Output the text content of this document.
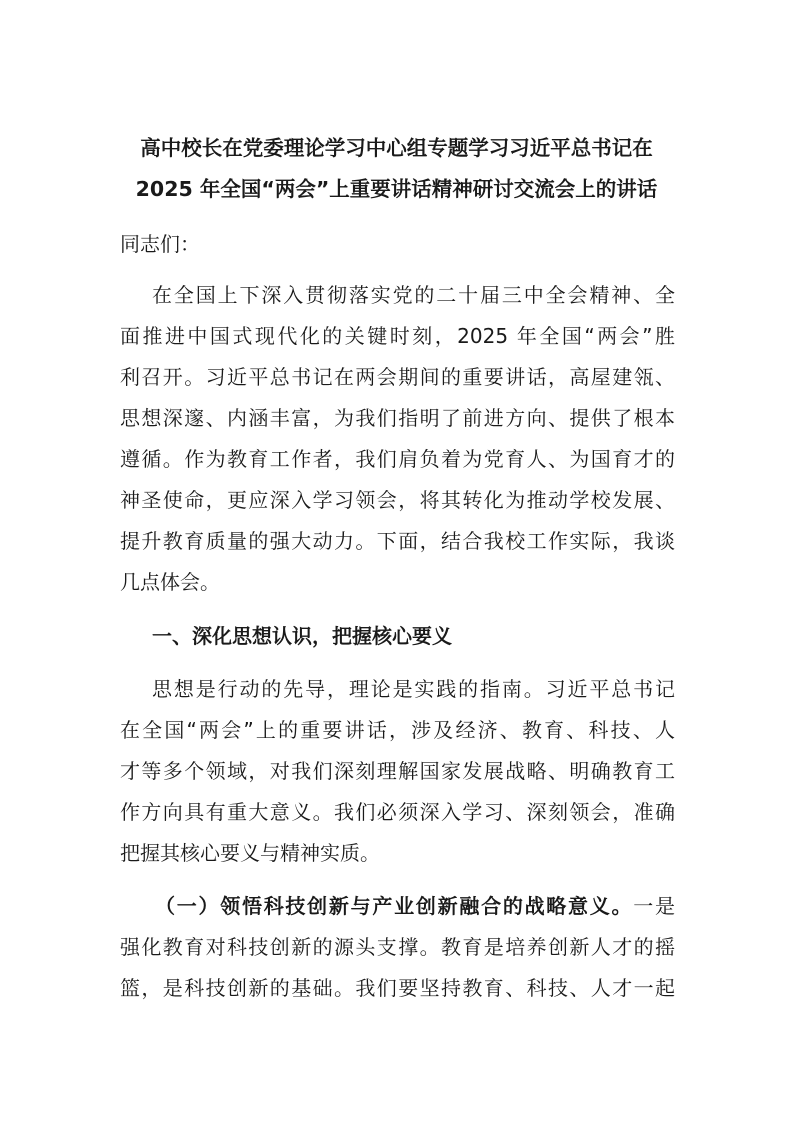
高中校长在党委理论学习中心组专题学习习近平总书记在
2025 年全国“两会”上重要讲话精神研讨交流会上的讲话
同志们：
在全国上下深入贯彻落实党的二十届三中全会精神、全
面推进中国式现代化的关键时刻，2025 年全国“两会”胜
利召开。习近平总书记在两会期间的重要讲话，高屋建瓴、
思想深邃、内涵丰富，为我们指明了前进方向、提供了根本
遵循。作为教育工作者，我们肩负着为党育人、为国育才的
神圣使命，更应深入学习领会，将其转化为推动学校发展、
提升教育质量的强大动力。下面，结合我校工作实际，我谈
几点体会。
一、深化思想认识，把握核心要义
思想是行动的先导，理论是实践的指南。习近平总书记
在全国“两会”上的重要讲话，涉及经济、教育、科技、人
才等多个领域，对我们深刻理解国家发展战略、明确教育工
作方向具有重大意义。我们必须深入学习、深刻领会，准确
把握其核心要义与精神实质。
（一）领悟科技创新与产业创新融合的战略意义。一是
强化教育对科技创新的源头支撑。教育是培养创新人才的摇
篮，是科技创新的基础。我们要坚持教育、科技、人才一起
